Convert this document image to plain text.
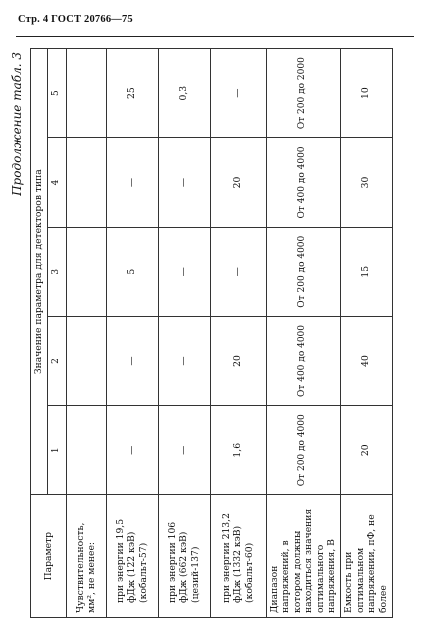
Стр. 4 ГОСТ 20766—75
Продолжение табл. 3
Параметр	Значение параметра для детекторов типа				
	1	2	3	4	5
Чувствительность, мм², не менее:					
при энергии 19,5 фДж (122 кэВ) (кобальт-57)	—	—	5	—	25
при энергии 106 фДж (662 кэВ) (цезий-137)	—	—	—	—	0,3
при энергии 213,2 фДж (1332 кэВ) (кобальт-60)	1,6	20	—	20	—
Диапазон напряжений, в котором должны находиться значения оптимального напряжения, В	От 200 до 4000	От 400 до 4000	От 200 до 4000	От 400 до 4000	От 200 до 2000
Емкость при оптимальном напряжении, пФ, не более	20	40	15	30	10
